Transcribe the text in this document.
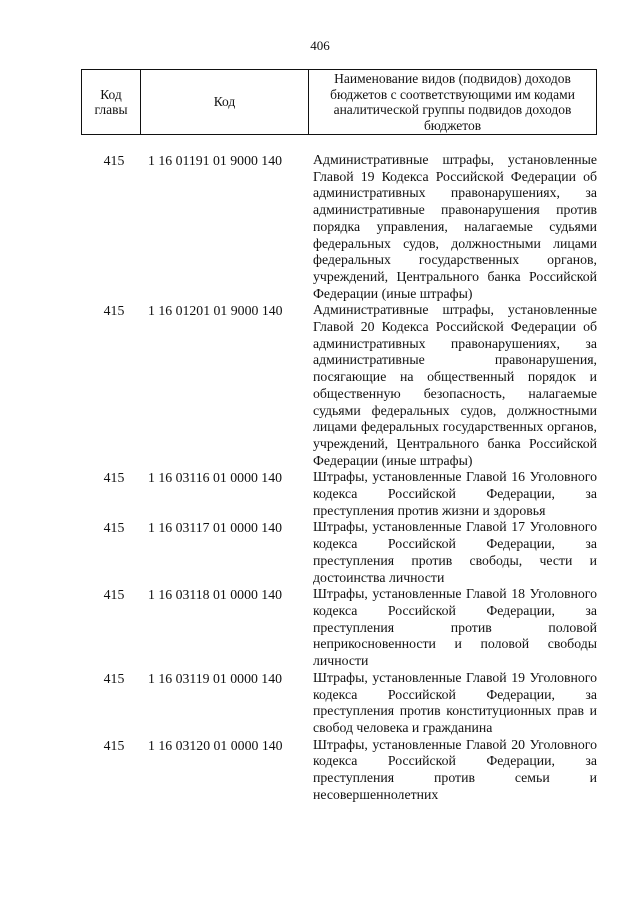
406
Код главы	Код	Наименование видов (подвидов) доходов бюджетов с соответствующими им кодами аналитической группы подвидов доходов бюджетов
415	1 16 01191 01 9000 140	Административные штрафы, установленные Главой 19 Кодекса Российской Федерации об административных правонарушениях, за административные правонарушения против порядка управления, налагаемые судьями федеральных судов, должностными лицами федеральных государственных органов, учреждений, Центрального банка Российской Федерации (иные штрафы)
415	1 16 01201 01 9000 140	Административные штрафы, установленные Главой 20 Кодекса Российской Федерации об административных правонарушениях, за административные правонарушения, посягающие на общественный порядок и общественную безопасность, налагаемые судьями федеральных судов, должностными лицами федеральных государственных органов, учреждений, Центрального банка Российской Федерации (иные штрафы)
415	1 16 03116 01 0000 140	Штрафы, установленные Главой 16 Уголовного кодекса Российской Федерации, за преступления против жизни и здоровья
415	1 16 03117 01 0000 140	Штрафы, установленные Главой 17 Уголовного кодекса Российской Федерации, за преступления против свободы, чести и достоинства личности
415	1 16 03118 01 0000 140	Штрафы, установленные Главой 18 Уголовного кодекса Российской Федерации, за преступления против половой неприкосновенности и половой свободы личности
415	1 16 03119 01 0000 140	Штрафы, установленные Главой 19 Уголовного кодекса Российской Федерации, за преступления против конституционных прав и свобод человека и гражданина
415	1 16 03120 01 0000 140	Штрафы, установленные Главой 20 Уголовного кодекса Российской Федерации, за преступления против семьи и несовершеннолетних
